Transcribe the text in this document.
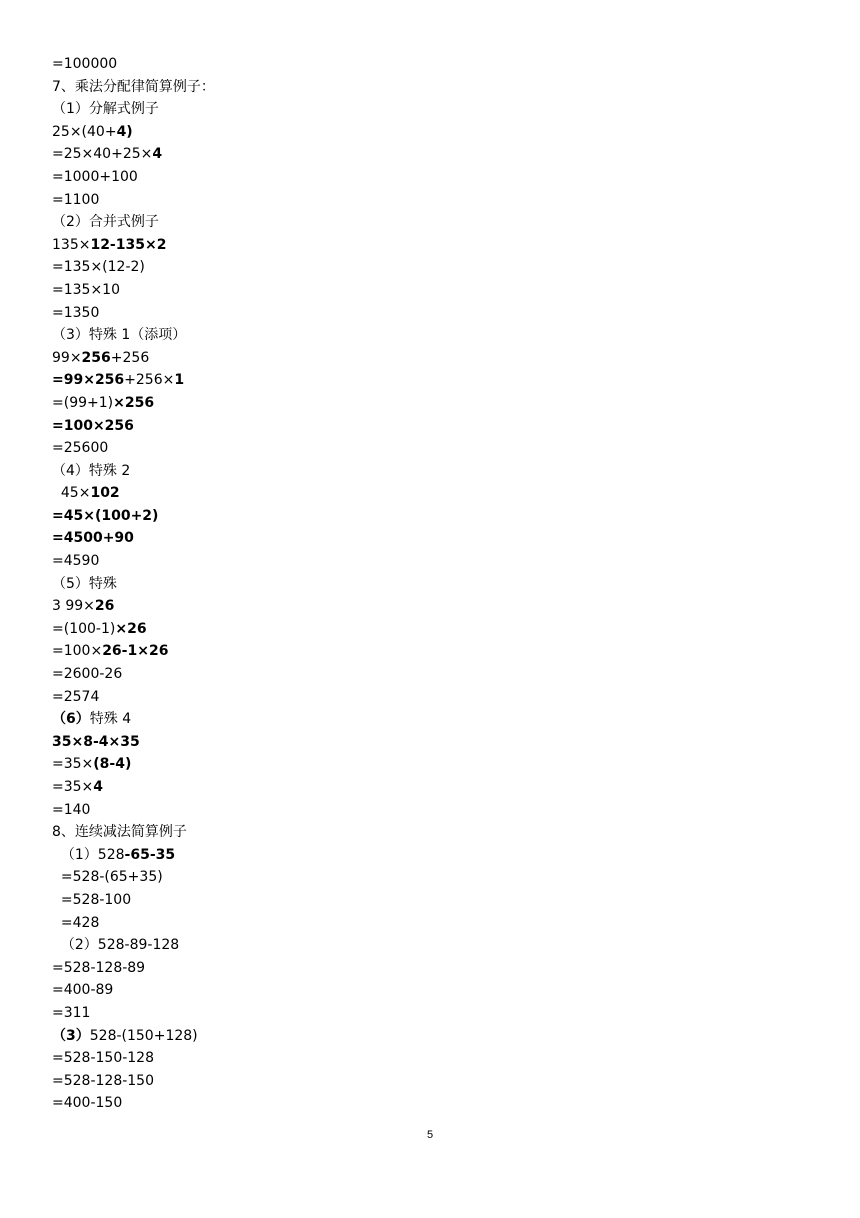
=100000
7、乘法分配律简算例子：
（1）分解式例子
25×(40+4)
=25×40+25×4
=1000+100
=1100
（2）合并式例子
135×12-135×2
=135×(12-2)
=135×10
=1350
（3）特殊 1（添项）
99×256+256
=99×256+256×1
=(99+1)×256
=100×256
=25600
（4）特殊 2
45×102
=45×(100+2)
=4500+90
=4590
（5）特殊
3 99×26
=(100-1)×26
=100×26-1×26
=2600-26
=2574
（6）特殊 4
35×8-4×35
=35×(8-4)
=35×4
=140
8、连续减法简算例子
（1）528-65-35
=528-(65+35)
=528-100
=428
（2）528-89-128
=528-128-89
=400-89
=311
（3）528-(150+128)
=528-150-128
=528-128-150
=400-150
5
